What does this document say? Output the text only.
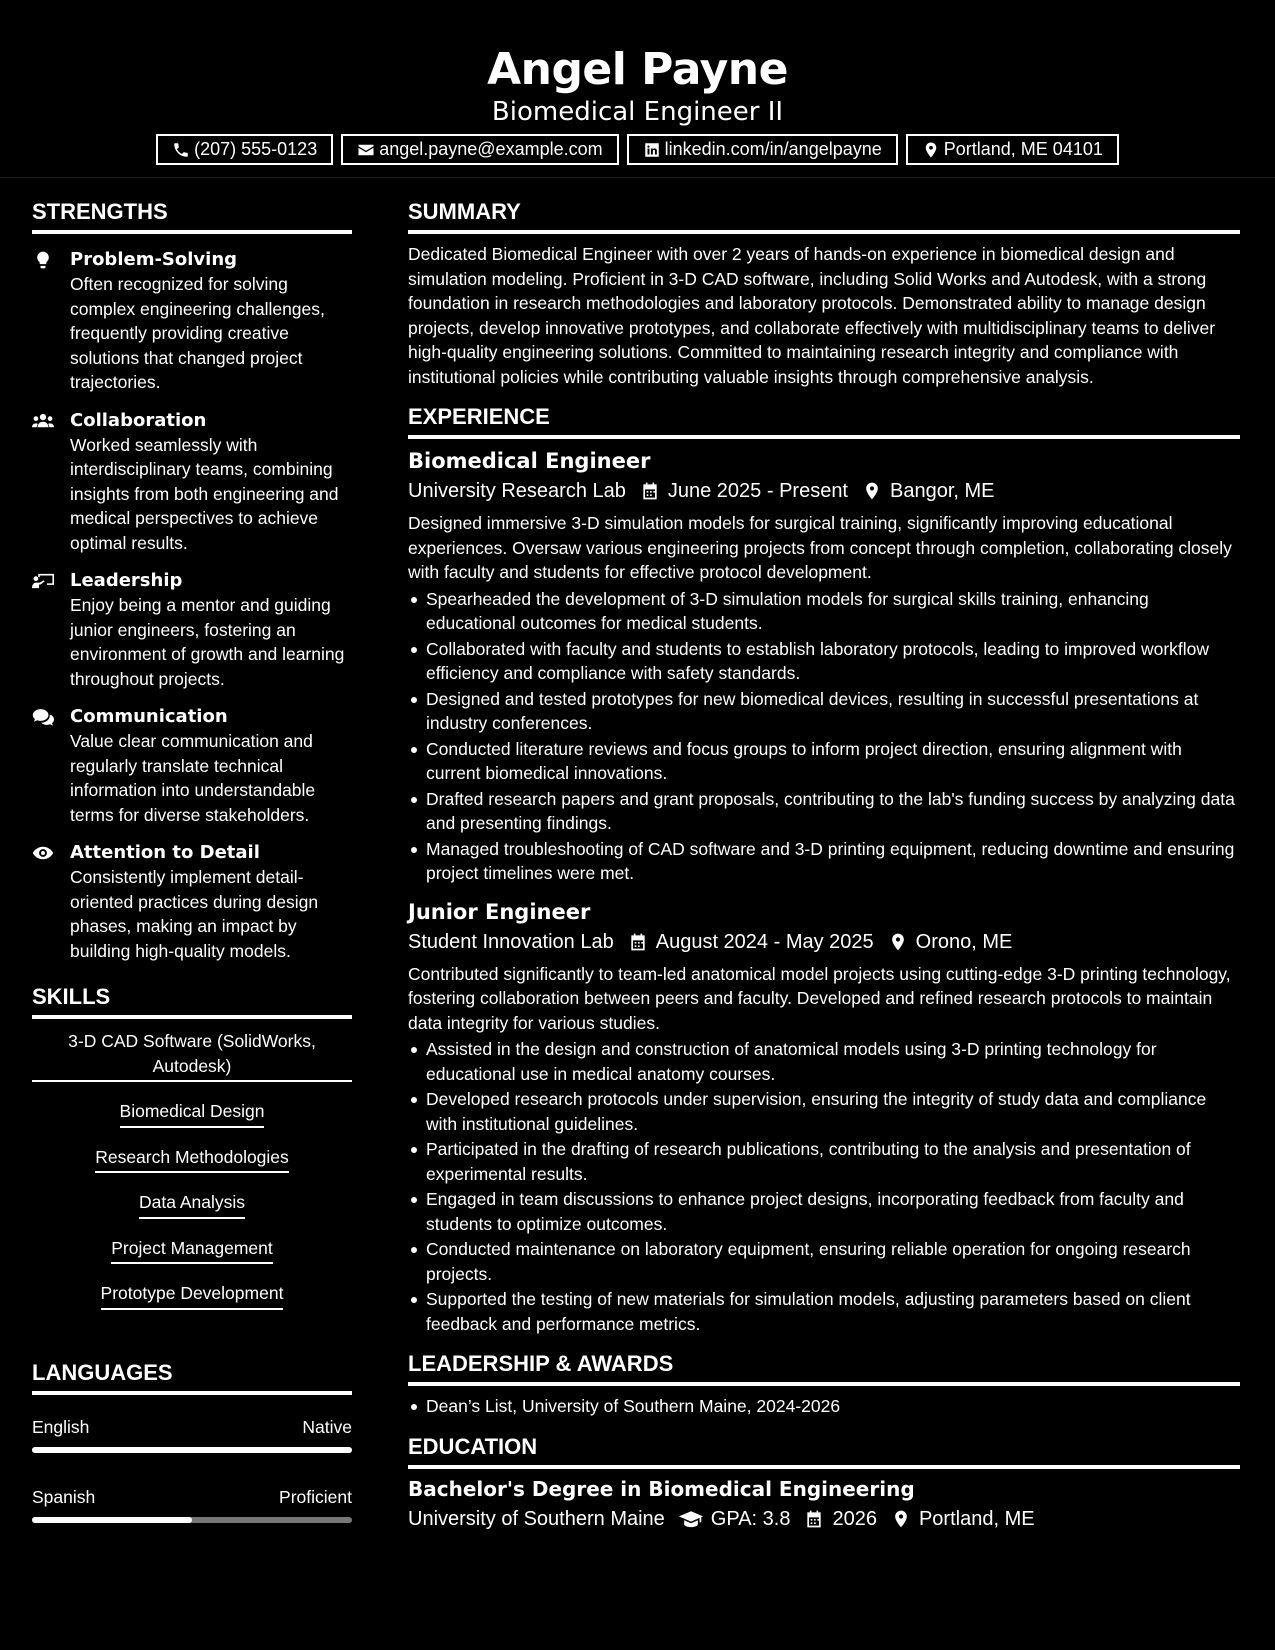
Angel Payne
Biomedical Engineer II
(207) 555-0123	angel.payne@example.com	linkedin.com/in/angelpayne	Portland, ME 04101
STRENGTHS
Problem-Solving
Often recognized for solving complex engineering challenges, frequently providing creative solutions that changed project trajectories.
Collaboration
Worked seamlessly with interdisciplinary teams, combining insights from both engineering and medical perspectives to achieve optimal results.
Leadership
Enjoy being a mentor and guiding junior engineers, fostering an environment of growth and learning throughout projects.
Communication
Value clear communication and regularly translate technical information into understandable terms for diverse stakeholders.
Attention to Detail
Consistently implement detail-oriented practices during design phases, making an impact by building high-quality models.
SKILLS
3-D CAD Software (SolidWorks, Autodesk)
Biomedical Design
Research Methodologies
Data Analysis
Project Management
Prototype Development
LANGUAGES
English	Native
Spanish	Proficient
SUMMARY
Dedicated Biomedical Engineer with over 2 years of hands-on experience in biomedical design and simulation modeling. Proficient in 3-D CAD software, including Solid Works and Autodesk, with a strong foundation in research methodologies and laboratory protocols. Demonstrated ability to manage design projects, develop innovative prototypes, and collaborate effectively with multidisciplinary teams to deliver high-quality engineering solutions. Committed to maintaining research integrity and compliance with institutional policies while contributing valuable insights through comprehensive analysis.
EXPERIENCE
Biomedical Engineer
University Research Lab June 2025 - Present Bangor, ME
Designed immersive 3-D simulation models for surgical training, significantly improving educational experiences. Oversaw various engineering projects from concept through completion, collaborating closely with faculty and students for effective protocol development.
Spearheaded the development of 3-D simulation models for surgical skills training, enhancing educational outcomes for medical students.
Collaborated with faculty and students to establish laboratory protocols, leading to improved workflow efficiency and compliance with safety standards.
Designed and tested prototypes for new biomedical devices, resulting in successful presentations at industry conferences.
Conducted literature reviews and focus groups to inform project direction, ensuring alignment with current biomedical innovations.
Drafted research papers and grant proposals, contributing to the lab's funding success by analyzing data and presenting findings.
Managed troubleshooting of CAD software and 3-D printing equipment, reducing downtime and ensuring project timelines were met.
Junior Engineer
Student Innovation Lab August 2024 - May 2025 Orono, ME
Contributed significantly to team-led anatomical model projects using cutting-edge 3-D printing technology, fostering collaboration between peers and faculty. Developed and refined research protocols to maintain data integrity for various studies.
Assisted in the design and construction of anatomical models using 3-D printing technology for educational use in medical anatomy courses.
Developed research protocols under supervision, ensuring the integrity of study data and compliance with institutional guidelines.
Participated in the drafting of research publications, contributing to the analysis and presentation of experimental results.
Engaged in team discussions to enhance project designs, incorporating feedback from faculty and students to optimize outcomes.
Conducted maintenance on laboratory equipment, ensuring reliable operation for ongoing research projects.
Supported the testing of new materials for simulation models, adjusting parameters based on client feedback and performance metrics.
LEADERSHIP & AWARDS
Dean’s List, University of Southern Maine, 2024-2026
EDUCATION
Bachelor's Degree in Biomedical Engineering
University of Southern Maine GPA: 3.8 2026 Portland, ME
